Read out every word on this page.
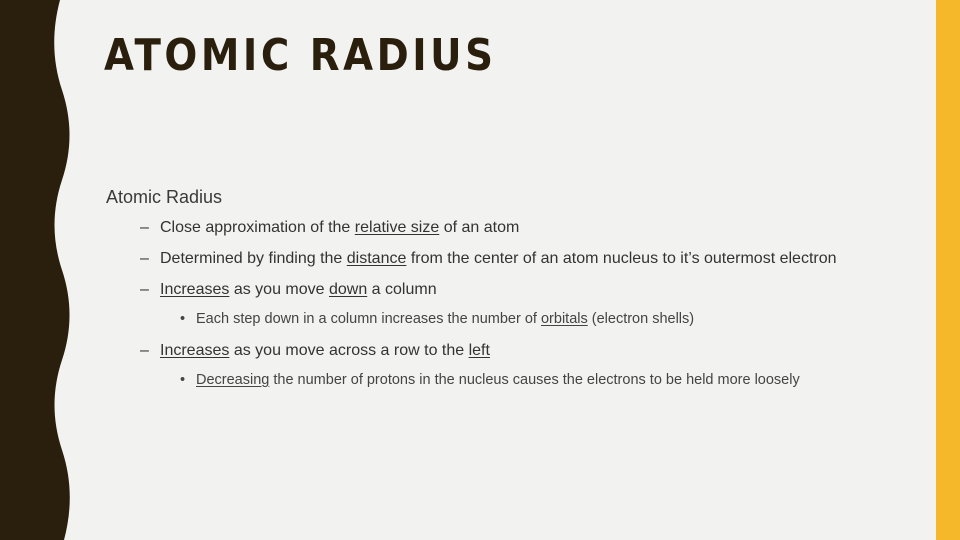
ATOMIC RADIUS

Atomic Radius

– Close approximation of the relative size of an atom

– Determined by finding the distance from the center of an atom nucleus to it’s outermost electron

– Increases as you move down a column

• Each step down in a column increases the number of orbitals (electron shells)

– Increases as you move across a row to the left

• Decreasing the number of protons in the nucleus causes the electrons to be held more loosely
